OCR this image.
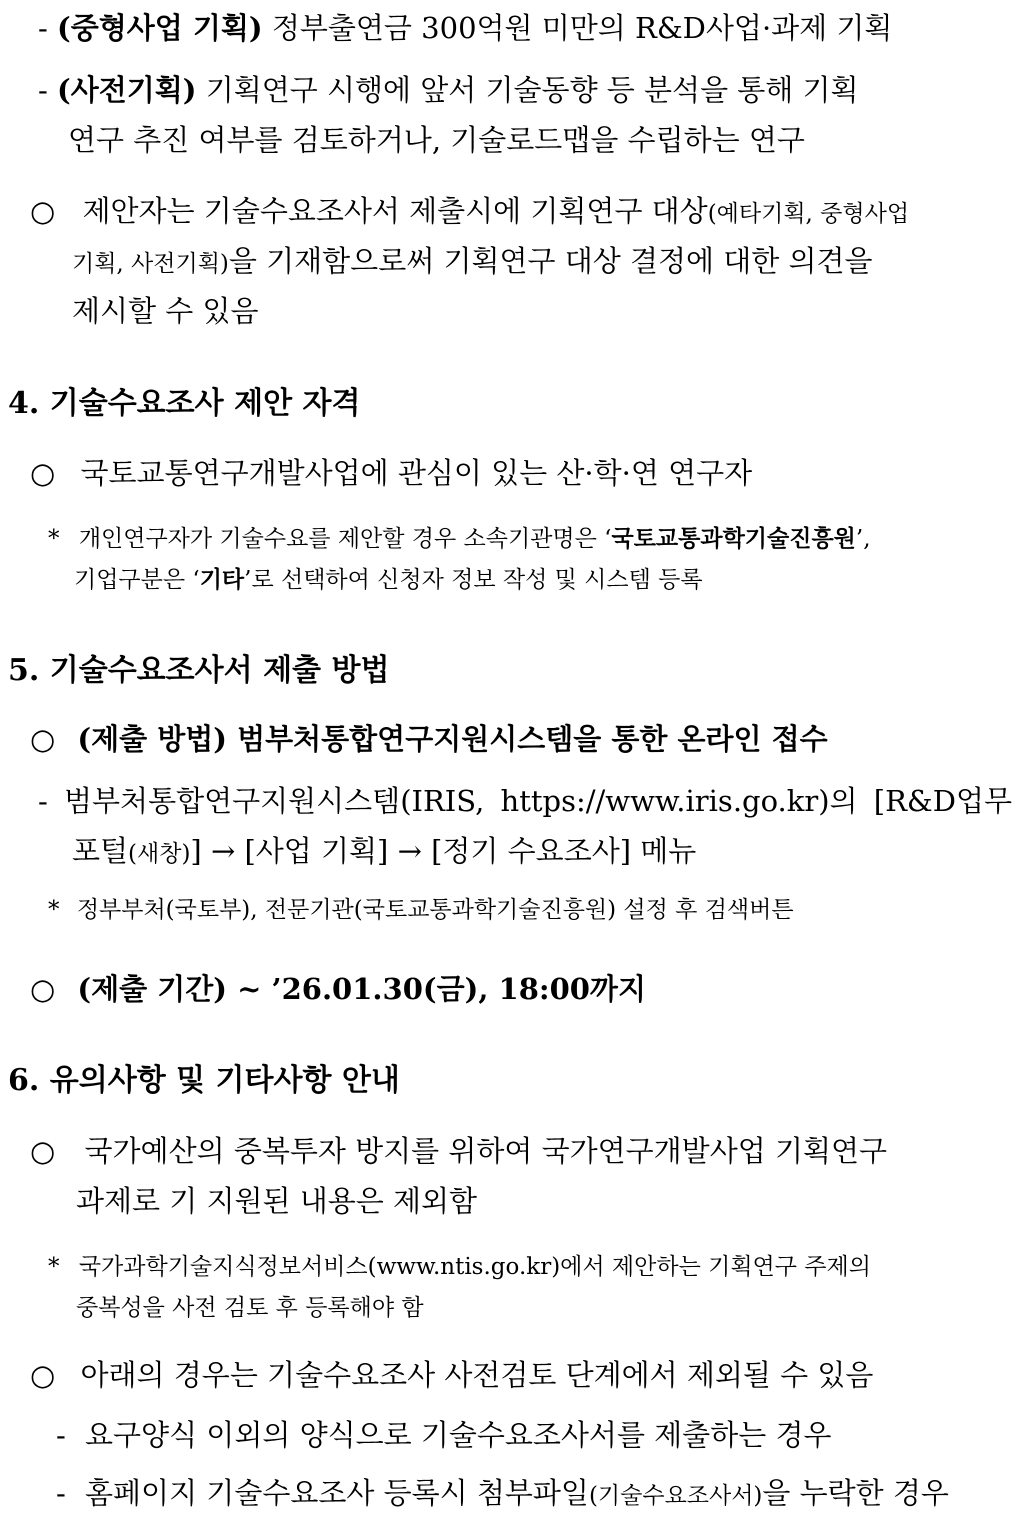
- (중형사업 기획) 정부출연금 300억원 미만의 R&D사업·과제 기획
- (사전기획) 기획연구 시행에 앞서 기술동향 등 분석을 통해 기획
연구 추진 여부를 검토하거나, 기술로드맵을 수립하는 연구
○ 제안자는 기술수요조사서 제출시에 기획연구 대상(예타기획, 중형사업
기획, 사전기획)을 기재함으로써 기획연구 대상 결정에 대한 의견을
제시할 수 있음
4. 기술수요조사 제안 자격
○ 국토교통연구개발사업에 관심이 있는 산·학·연 연구자
* 개인연구자가 기술수요를 제안할 경우 소속기관명은 ‘국토교통과학기술진흥원’,
기업구분은 ‘기타’로 선택하여 신청자 정보 작성 및 시스템 등록
5. 기술수요조사서 제출 방법
○ (제출 방법) 범부처통합연구지원시스템을 통한 온라인 접수
- 범부처통합연구지원시스템(IRIS, https://www.iris.go.kr)의 [R&D업무
포털(새창)] → [사업 기획] → [정기 수요조사] 메뉴
* 정부부처(국토부), 전문기관(국토교통과학기술진흥원) 설정 후 검색버튼
○ (제출 기간) ~ ’26.01.30(금), 18:00까지
6. 유의사항 및 기타사항 안내
○ 국가예산의 중복투자 방지를 위하여 국가연구개발사업 기획연구
과제로 기 지원된 내용은 제외함
* 국가과학기술지식정보서비스(www.ntis.go.kr)에서 제안하는 기획연구 주제의
중복성을 사전 검토 후 등록해야 함
○ 아래의 경우는 기술수요조사 사전검토 단계에서 제외될 수 있음
- 요구양식 이외의 양식으로 기술수요조사서를 제출하는 경우
- 홈페이지 기술수요조사 등록시 첨부파일(기술수요조사서)을 누락한 경우
